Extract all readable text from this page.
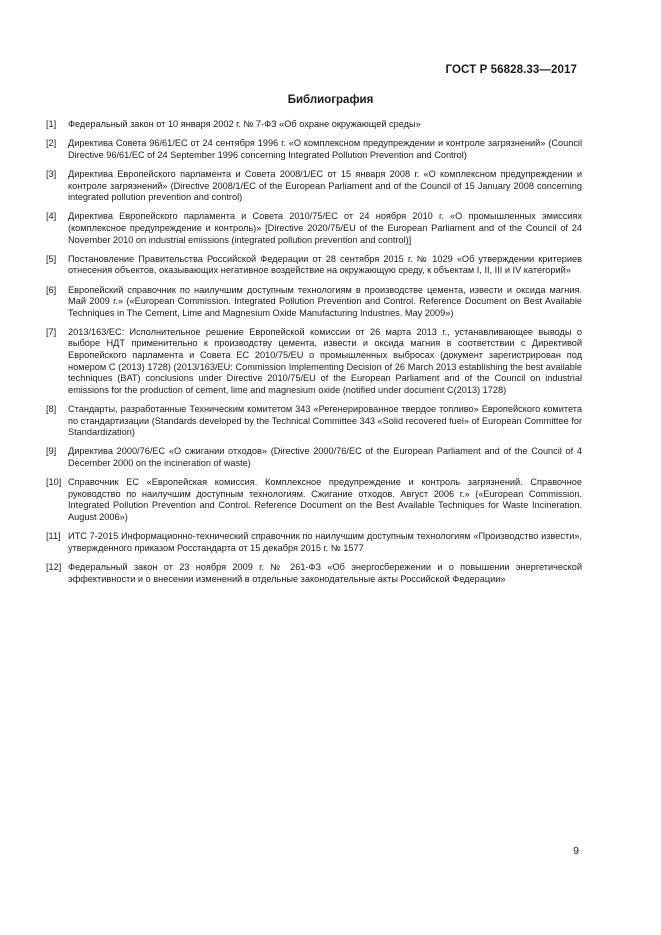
ГОСТ Р 56828.33—2017
Библиография
[1]	Федеральный закон от 10 января 2002 г. № 7-ФЗ «Об охране окружающей среды»
[2]	Директива Совета 96/61/ЕС от 24 сентября 1996 г. «О комплексном предупреждении и контроле загрязнений» (Council Directive 96/61/EC of 24 September 1996 concerning Integrated Pollution Prevention and Control)
[3]	Директива Европейского парламента и Совета 2008/1/ЕС от 15 января 2008 г. «О комплексном предупреждении и контроле загрязнений» (Directive 2008/1/EC of the European Parliament and of the Council of 15 January 2008 concerning integrated pollution prevention and control)
[4]	Директива Европейского парламента и Совета 2010/75/ЕС от 24 ноября 2010 г. «О промышленных эмиссиях (комплексное предупреждение и контроль)» [Directive 2020/75/EU of the European Parliament and of the Council of 24 November 2010 on industrial emissions (integrated pollution prevention and control)]
[5]	Постановление Правительства Российской Федерации от 28 сентября 2015 г. № 1029 «Об утверждении критериев отнесения объектов, оказывающих негативное воздействие на окружающую среду, к объектам I, II, III и IV категорий»
[6]	Европейский справочник по наилучшим доступным технологиям в производстве цемента, извести и оксида магния. Май 2009 г.» («European Commission. Integrated Pollution Prevention and Control. Reference Document on Best Available Techniques in The Cement, Lime and Magnesium Oxide Manufacturing Industries. May 2009»)
[7]	2013/163/ЕС: Исполнительное решение Европейской комиссии от 26 марта 2013 г., устанавливающее выводы о выборе НДТ применительно к производству цемента, извести и оксида магния в соответствии с Директивой Европейского парламента и Совета ЕС 2010/75/EU о промышленных выбросах (документ зарегистрирован под номером С (2013) 1728) (2013/163/EU: Commission Implementing Decision of 26 March 2013 establishing the best available techniques (BAT) conclusions under Directive 2010/75/EU of the European Parliament and of the Council on industrial emissions for the production of cement, lime and magnesium oxide (notified under document C(2013) 1728)
[8]	Стандарты, разработанные Техническим комитетом 343 «Регенерированное твердое топливо» Европейского комитета по стандартизации (Standards developed by the Technical Committee 343 «Solid recovered fuel» of European Committee for Standardization)
[9]	Директива 2000/76/ЕС «О сжигании отходов» (Directive 2000/76/EC of the European Parliament and of the Council of 4 December 2000 on the incineration of waste)
[10] Справочник ЕС «Европейская комиссия. Комплексное предупреждение и контроль загрязнений. Справочное руководство по наилучшим доступным технологиям. Сжигание отходов. Август 2006 г.» («European Commission. Integrated Pollution Prevention and Control. Reference Document on the Best Available Techniques for Waste Incineration. August 2006»)
[11] ИТС 7-2015 Информационно-технический справочник по наилучшим доступным технологиям «Производство извести», утвержденного приказом Росстандарта от 15 декабря 2015 г. № 1577
[12] Федеральный закон от 23 ноября 2009 г. № 261-ФЗ «Об энергосбережении и о повышении энергетической эффективности и о внесении изменений в отдельные законодательные акты Российской Федерации»
9
